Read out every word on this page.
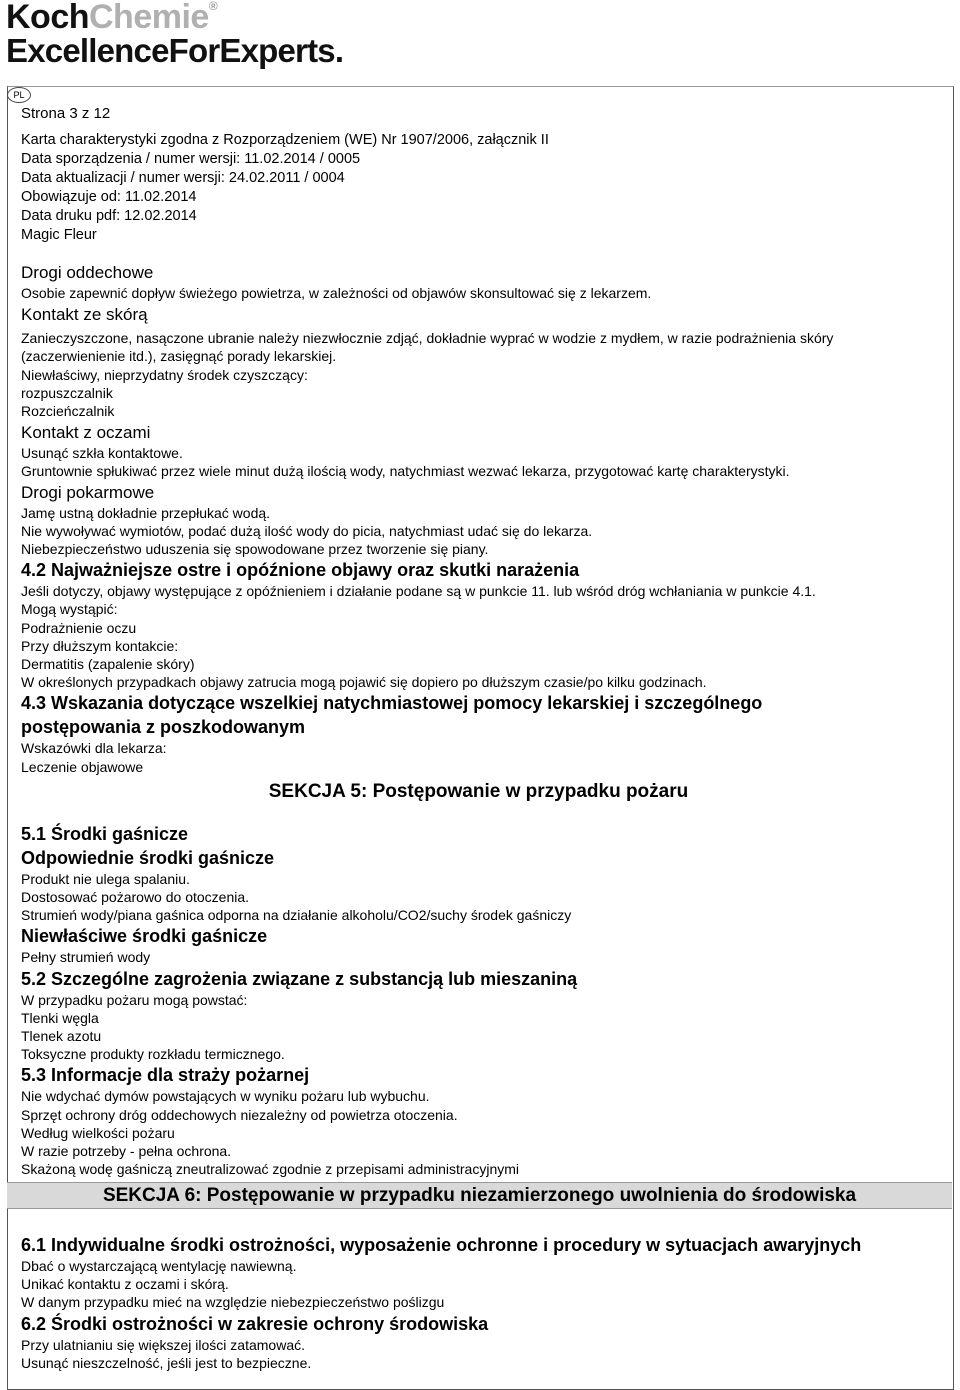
KochChemie®
ExcellenceForExperts.
PL
Strona 3 z 12
Karta charakterystyki zgodna z Rozporządzeniem (WE) Nr 1907/2006, załącznik II
Data sporządzenia / numer wersji: 11.02.2014 / 0005
Data aktualizacji / numer wersji: 24.02.2011 / 0004
Obowiązuje od: 11.02.2014
Data druku pdf: 12.02.2014
Magic Fleur
Drogi oddechowe
Osobie zapewnić dopływ świeżego powietrza, w zależności od objawów skonsultować się z lekarzem.
Kontakt ze skórą
Zanieczyszczone, nasączone ubranie należy niezwłocznie zdjąć, dokładnie wyprać w wodzie z mydłem, w razie podrażnienia skóry
(zaczerwienienie itd.), zasięgnąć porady lekarskiej.
Niewłaściwy, nieprzydatny środek czyszczący:
rozpuszczalnik
Rozcieńczalnik
Kontakt z oczami
Usunąć szkła kontaktowe.
Gruntownie spłukiwać przez wiele minut dużą ilością wody, natychmiast wezwać lekarza, przygotować kartę charakterystyki.
Drogi pokarmowe
Jamę ustną dokładnie przepłukać wodą.
Nie wywoływać wymiotów, podać dużą ilość wody do picia, natychmiast udać się do lekarza.
Niebezpieczeństwo uduszenia się spowodowane przez tworzenie się piany.
4.2 Najważniejsze ostre i opóźnione objawy oraz skutki narażenia
Jeśli dotyczy, objawy występujące z opóźnieniem i działanie podane są w punkcie 11. lub wśród dróg wchłaniania w punkcie 4.1.
Mogą wystąpić:
Podrażnienie oczu
Przy dłuższym kontakcie:
Dermatitis (zapalenie skóry)
W określonych przypadkach objawy zatrucia mogą pojawić się dopiero po dłuższym czasie/po kilku godzinach.
4.3 Wskazania dotyczące wszelkiej natychmiastowej pomocy lekarskiej i szczególnego
postępowania z poszkodowanym
Wskazówki dla lekarza:
Leczenie objawowe
SEKCJA 5: Postępowanie w przypadku pożaru
5.1 Środki gaśnicze
Odpowiednie środki gaśnicze
Produkt nie ulega spalaniu.
Dostosować pożarowo do otoczenia.
Strumień wody/piana gaśnica odporna na działanie alkoholu/CO2/suchy środek gaśniczy
Niewłaściwe środki gaśnicze
Pełny strumień wody
5.2 Szczególne zagrożenia związane z substancją lub mieszaniną
W przypadku pożaru mogą powstać:
Tlenki węgla
Tlenek azotu
Toksyczne produkty rozkładu termicznego.
5.3 Informacje dla straży pożarnej
Nie wdychać dymów powstających w wyniku pożaru lub wybuchu.
Sprzęt ochrony dróg oddechowych niezależny od powietrza otoczenia.
Według wielkości pożaru
W razie potrzeby - pełna ochrona.
Skażoną wodę gaśniczą zneutralizować zgodnie z przepisami administracyjnymi
SEKCJA 6: Postępowanie w przypadku niezamierzonego uwolnienia do środowiska
6.1 Indywidualne środki ostrożności, wyposażenie ochronne i procedury w sytuacjach awaryjnych
Dbać o wystarczającą wentylację nawiewną.
Unikać kontaktu z oczami i skórą.
W danym przypadku mieć na względzie niebezpieczeństwo poślizgu
6.2 Środki ostrożności w zakresie ochrony środowiska
Przy ulatnianiu się większej ilości zatamować.
Usunąć nieszczelność, jeśli jest to bezpieczne.
